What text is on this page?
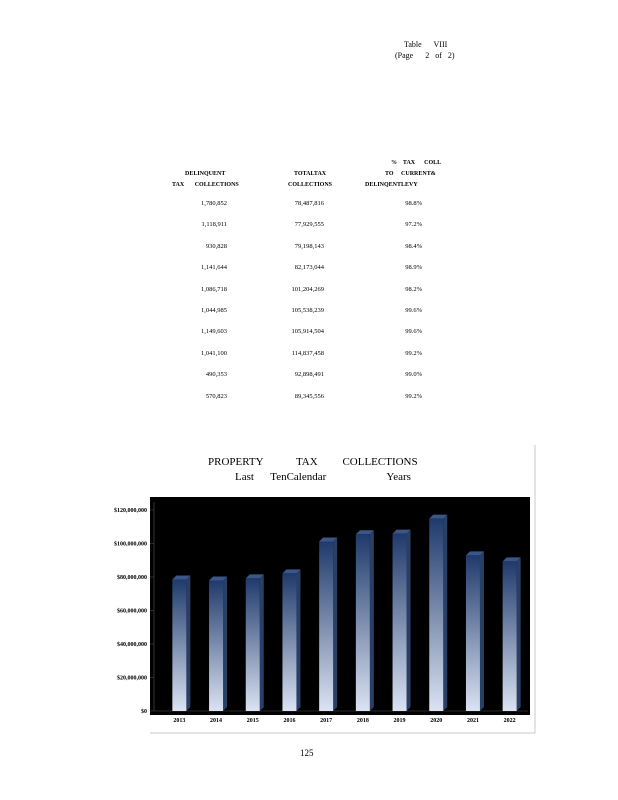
Table      VIII
(Page      2   of   2)
DELINQUENT
TAX       COLLECTIONS
TOTALTAX
COLLECTIONS
%    TAX      COLL
TO     CURRENT&
DELINQENTLEVY
1,780,852	78,487,816	98.8%
1,118,911	77,929,555	97.2%
930,828	79,198,143	98.4%
1,141,644	82,173,044	98.9%
1,086,718	101,204,269	98.2%
1,044,985	105,538,239	99.6%
1,149,603	105,914,504	99.6%
1,041,100	114,837,458	99.2%
490,353	92,898,491	99.0%
570,823	89,345,556	99.2%
$0
$20,000,000
$40,000,000
$60,000,000
$80,000,000
$100,000,000
$120,000,000
2013	2014	2015	2016	2017	2018	2019	2020	2021	2022
PROPERTY            TAX         COLLECTIONS
Last      TenCalendar                      Years
125
